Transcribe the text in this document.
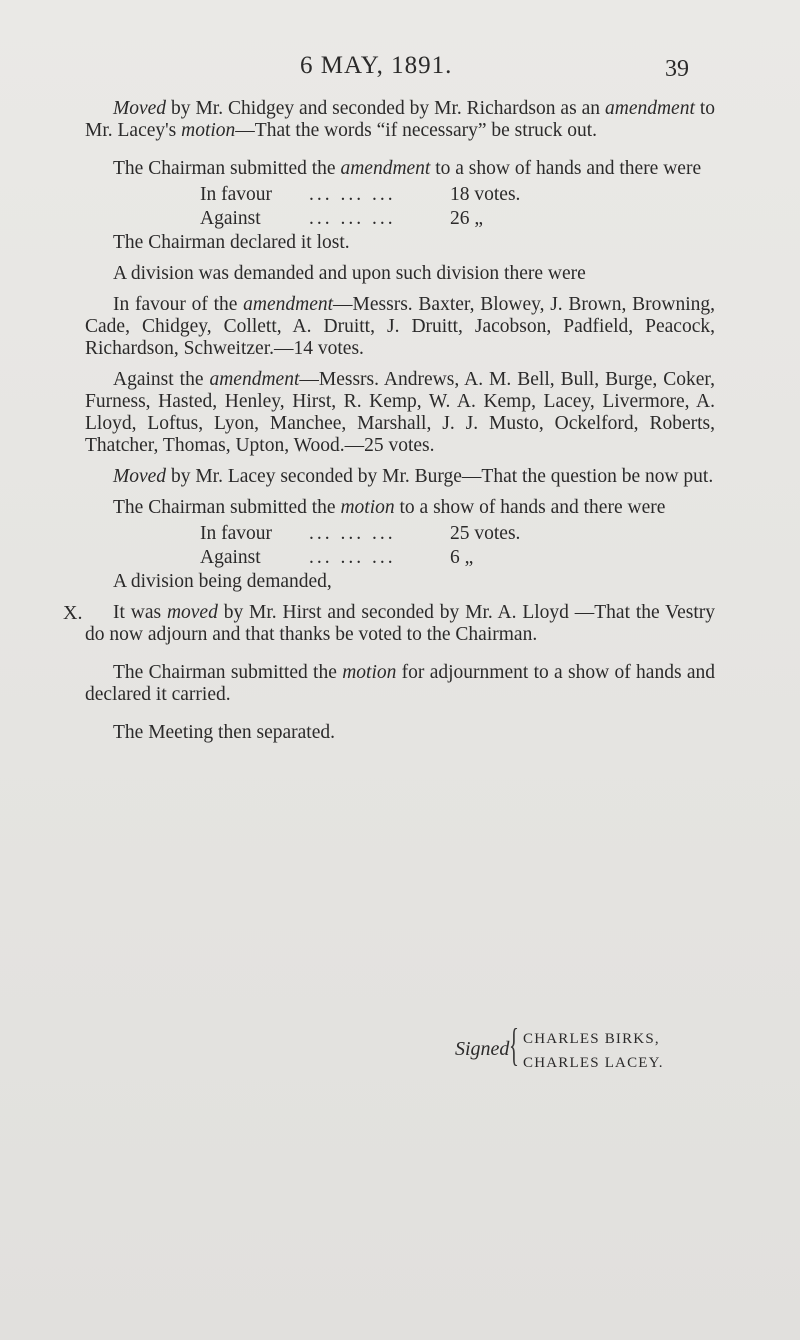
6 MAY, 1891.	39

Moved by Mr. Chidgey and seconded by Mr. Richardson as an amendment to Mr. Lacey's motion—That the words “if necessary” be struck out.

The Chairman submitted the amendment to a show of hands and there were

In favour ... ... ...	18 votes.
Against ... ... ...	26 „

The Chairman declared it lost.

A division was demanded and upon such division there were

In favour of the amendment—Messrs. Baxter, Blowey, J. Brown, Browning, Cade, Chidgey, Collett, A. Druitt, J. Druitt, Jacobson, Padfield, Peacock, Richardson, Schweitzer.—14 votes.

Against the amendment—Messrs. Andrews, A. M. Bell, Bull, Burge, Coker, Furness, Hasted, Henley, Hirst, R. Kemp, W. A. Kemp, Lacey, Livermore, A. Lloyd, Loftus, Lyon, Manchee, Marshall, J. J. Musto, Ockelford, Roberts, Thatcher, Thomas, Upton, Wood.—25 votes.

Moved by Mr. Lacey seconded by Mr. Burge—That the question be now put.

The Chairman submitted the motion to a show of hands and there were

In favour ... ... ...	25 votes.
Against ... ... ...	6 „

A division being demanded,

X. It was moved by Mr. Hirst and seconded by Mr. A. Lloyd —That the Vestry do now adjourn and that thanks be voted to the Chairman.

The Chairman submitted the motion for adjournment to a show of hands and declared it carried.

The Meeting then separated.

Signed { CHARLES BIRKS,
CHARLES LACEY.
